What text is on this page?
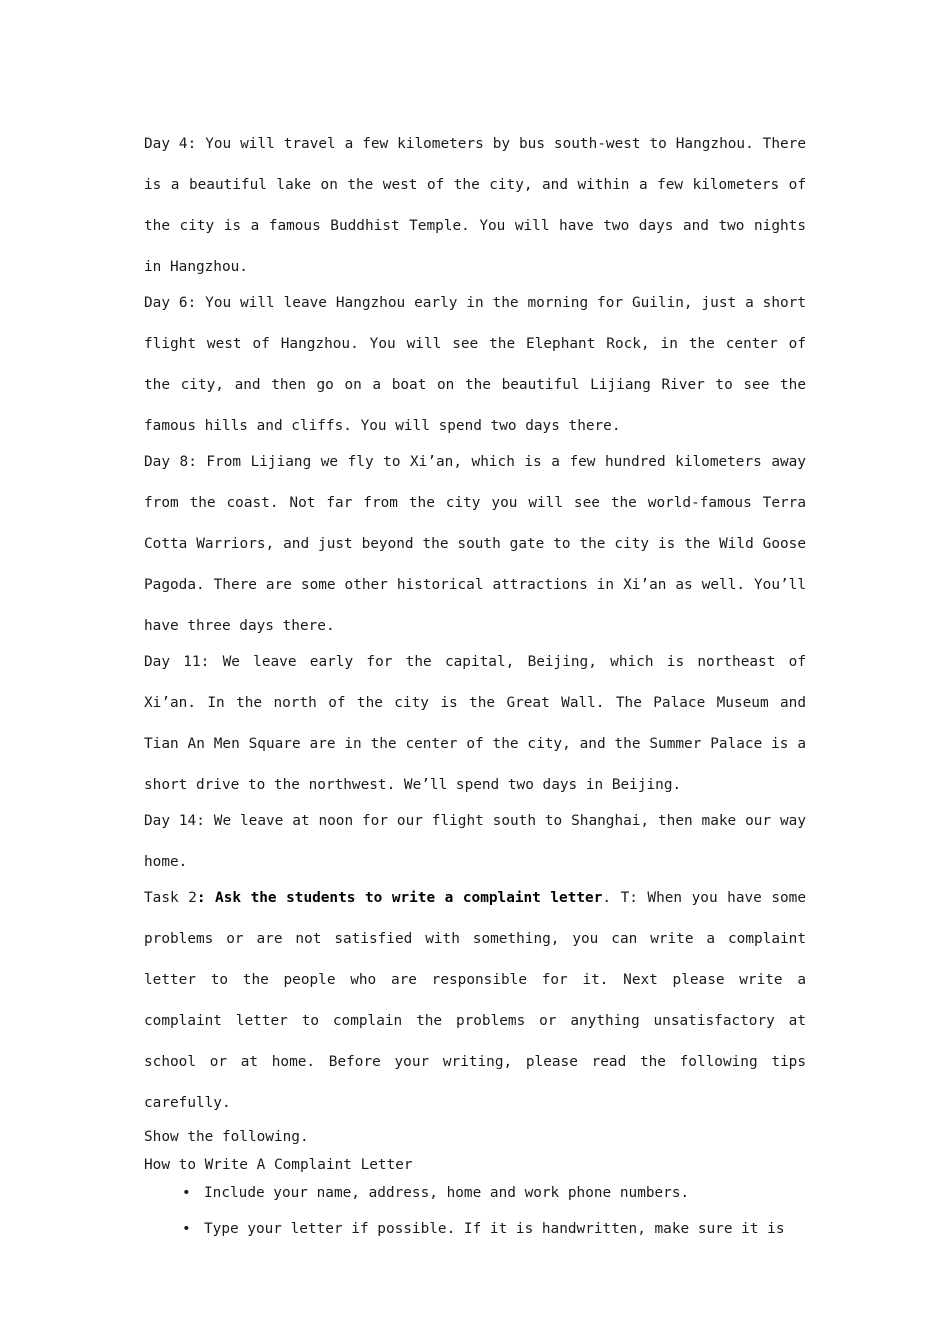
Day 4: You will travel a few kilometers by bus south-west to Hangzhou. There is a beautiful lake on the west of the city, and within a few kilometers of the city is a famous Buddhist Temple. You will have two days and two nights in Hangzhou.

Day 6: You will leave Hangzhou early in the morning for Guilin, just a short flight west of Hangzhou. You will see the Elephant Rock, in the center of the city, and then go on a boat on the beautiful Lijiang River to see the famous hills and cliffs. You will spend two days there.

Day 8: From Lijiang we fly to Xi’an, which is a few hundred kilometers away from the coast. Not far from the city you will see the world-famous Terra Cotta Warriors, and just beyond the south gate to the city is the Wild Goose Pagoda. There are some other historical attractions in Xi’an as well. You’ll have three days there.

Day 11: We leave early for the capital, Beijing, which is northeast of Xi’an. In the north of the city is the Great Wall. The Palace Museum and Tian An Men Square are in the center of the city, and the Summer Palace is a short drive to the northwest. We’ll spend two days in Beijing.

Day 14: We leave at noon for our flight south to Shanghai, then make our way home.

Task 2: Ask the students to write a complaint letter. T: When you have some problems or are not satisfied with something, you can write a complaint letter to the people who are responsible for it. Next please write a complaint letter to complain the problems or anything unsatisfactory at school or at home. Before your writing, please read the following tips carefully.

Show the following.

How to Write A Complaint Letter

• Include your name, address, home and work phone numbers.
• Type your letter if possible. If it is handwritten, make sure it is
